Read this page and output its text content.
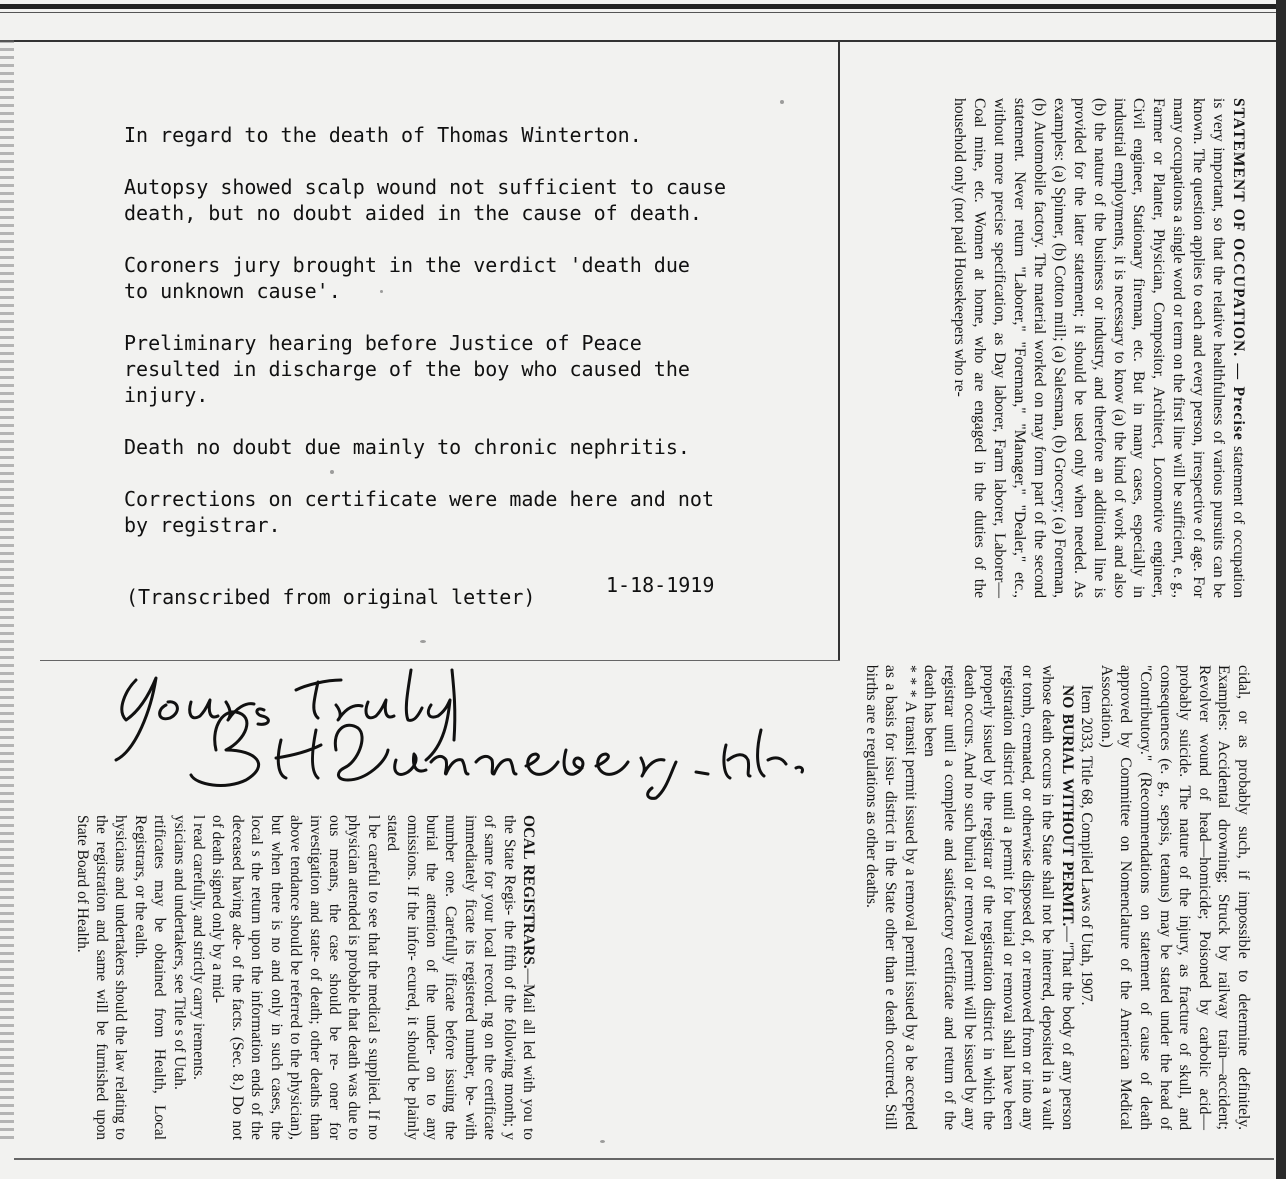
In regard to the death of Thomas Winterton.

Autopsy showed scalp wound not sufficient to cause
death, but no doubt aided in the cause of death.

Coroners jury brought in the verdict 'death due
to unknown cause'.

Preliminary hearing before Justice of Peace
resulted in discharge of the boy who caused the
injury.

Death no doubt due mainly to chronic nephritis.

Corrections on certificate were made here and not
by registrar.

(Transcribed from original letter)	1-18-1919

STATEMENT OF OCCUPATION. — Precise statement of occupation is very important, so that the relative healthfulness of various pursuits can be known. The question applies to each and every person, irrespective of age. For many occupations a single word or term on the first line will be sufficient, e. g., Farmer or Planter, Physician, Compositor, Architect, Locomotive engineer, Civil engineer, Stationary fireman, etc. But in many cases, especially in industrial employments, it is necessary to know (a) the kind of work and also (b) the nature of the business or industry, and therefore an additional line is provided for the latter statement; it should be used only when needed. As examples: (a) Spinner, (b) Cotton mill; (a) Salesman, (b) Grocery; (a) Foreman, (b) Automobile factory. The material worked on may form part of the second statement. Never return "Laborer," "Foreman," "Manager," "Dealer," etc., without more precise specification, as Day laborer, Farm laborer, Laborer—Coal mine, etc. Women at home, who are engaged in the duties of the household only (not paid Housekeepers who re-

cidal, or as probably such, if impossible to determine definitely. Examples: Accidental drowning; Struck by railway train—accident; Revolver wound of head—homicide; Poisoned by carbolic acid—probably suicide. The nature of the injury, as fracture of skull, and consequences (e. g., sepsis, tetanus) may be stated under the head of "Contributory." (Recommendations on statement of cause of death approved by Committee on Nomenclature of the American Medical Association.)

Item 2033, Title 68, Compiled Laws of Utah, 1907.

NO BURIAL WITHOUT PERMIT.—"That the body of any person whose death occurs in the State shall not be interred, deposited in a vault or tomb, cremated, or otherwise disposed of, or removed from or into any registration district until a permit for burial or removal shall have been properly issued by the registrar of the registration district in which the death occurs. And no such burial or removal permit will be issued by any registrar until a complete and satisfactory certificate and return of the death has been

* * * A transit permit issued by a removal permit issued by a be accepted as a basis for issu- district in the State other than e death occurred. Still births are e regulations as other deaths.

OCAL REGISTRARS.—Mail all led with you to the State Regis- the fifth of the following month; y of same for your local record. ng on the certificate immediately ficate its registered number, be- with number one. Carefully ificate before issuing the burial the attention of the under- on to any omissions. If the infor- ecured, it should be plainly stated

l be careful to see that the medical s supplied. If no physician attended is probable that death was due to ous means, the case should be re- oner for investigation and state- of death; other deaths than above tendance should be referred to the physician), but when there is no and only in such cases, the local s the return upon the information ends of the deceased having ade- of the facts. (Sec. 8.) Do not of death signed only by a mid-

l read carefully, and strictly carry irements.

ysicians and undertakers, see Title s of Utah.

rtificates may be obtained from Health, Local Registrars, or the ealth.

hysicians and undertakers should the law relating to the registration and same will be furnished upon State Board of Health.
